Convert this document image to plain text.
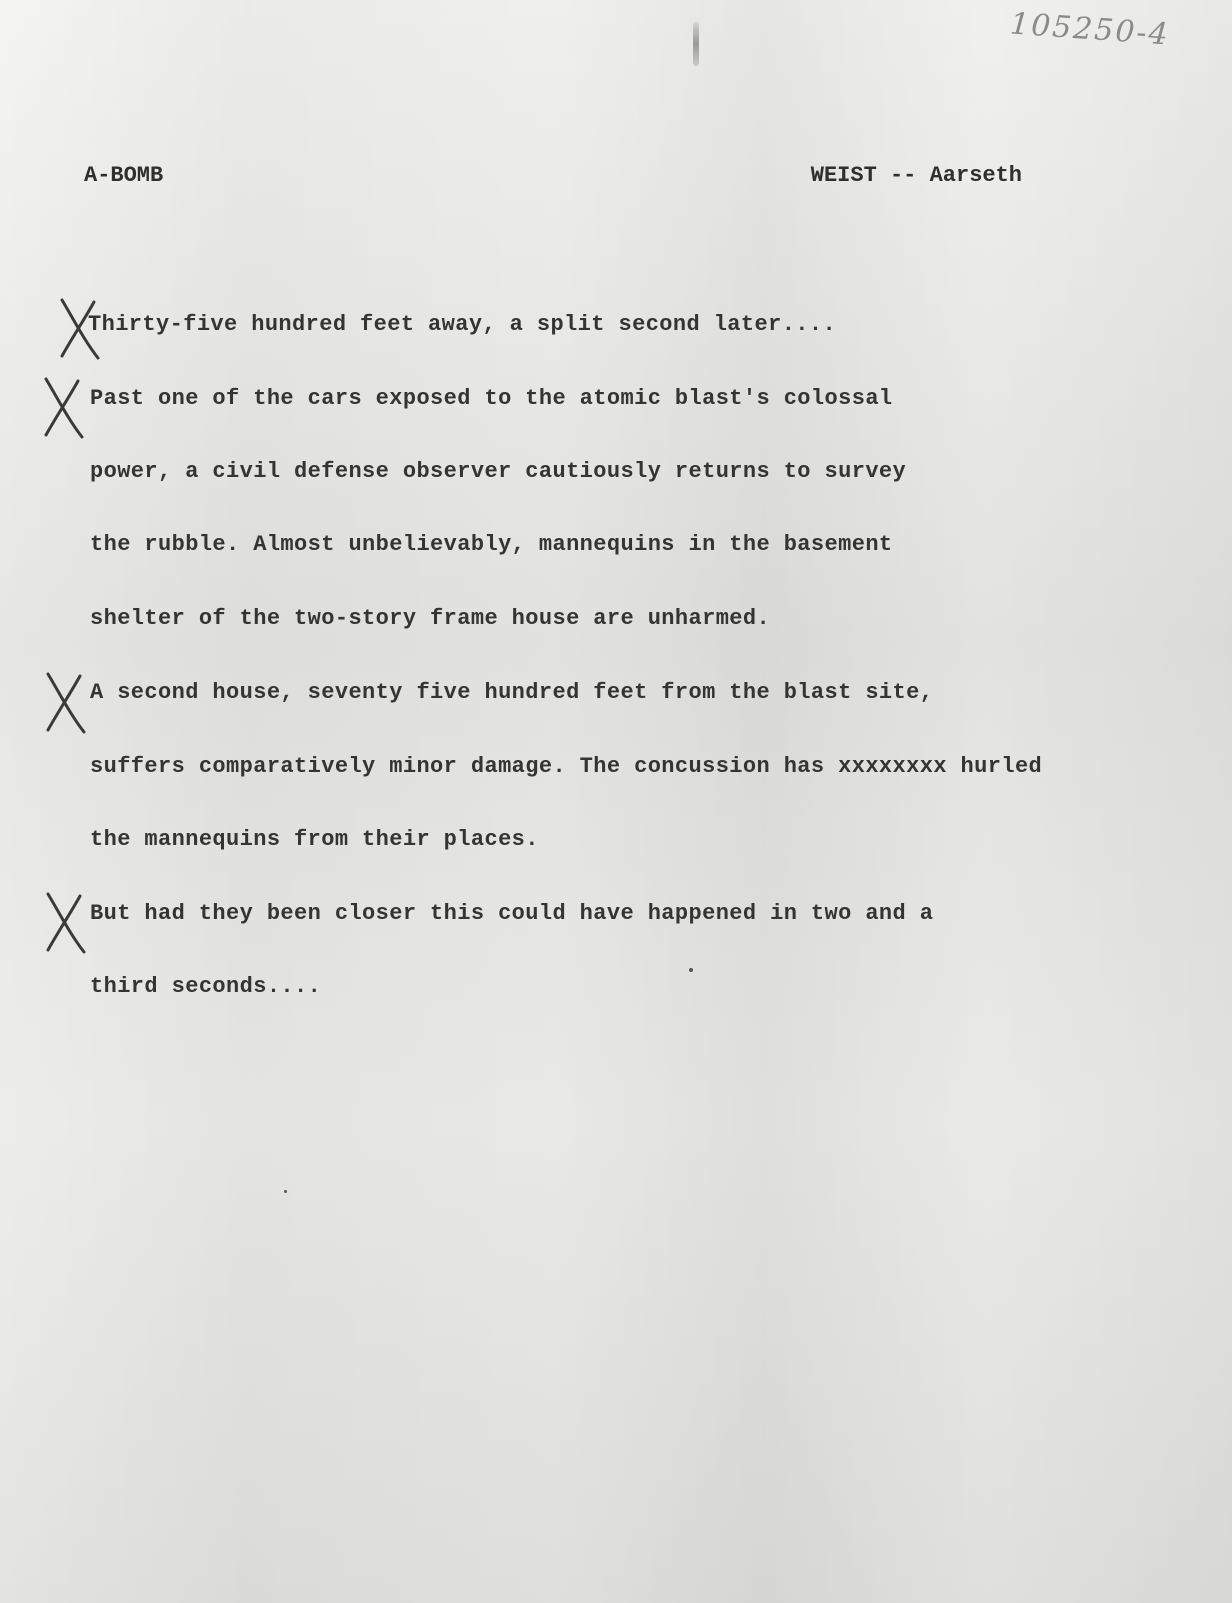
105250-4
A-BOMB	WEIST -- Aarseth
Thirty-five hundred feet away, a split second later....
Past one of the cars exposed to the atomic blast's colossal
power, a civil defense observer cautiously returns to survey
the rubble. Almost unbelievably, mannequins in the basement
shelter of the two-story frame house are unharmed.
A second house, seventy five hundred feet from the blast site,
suffers comparatively minor damage. The concussion has xxxxxxxx hurled
the mannequins from their places.
But had they been closer this could have happened in two and a
third seconds....
